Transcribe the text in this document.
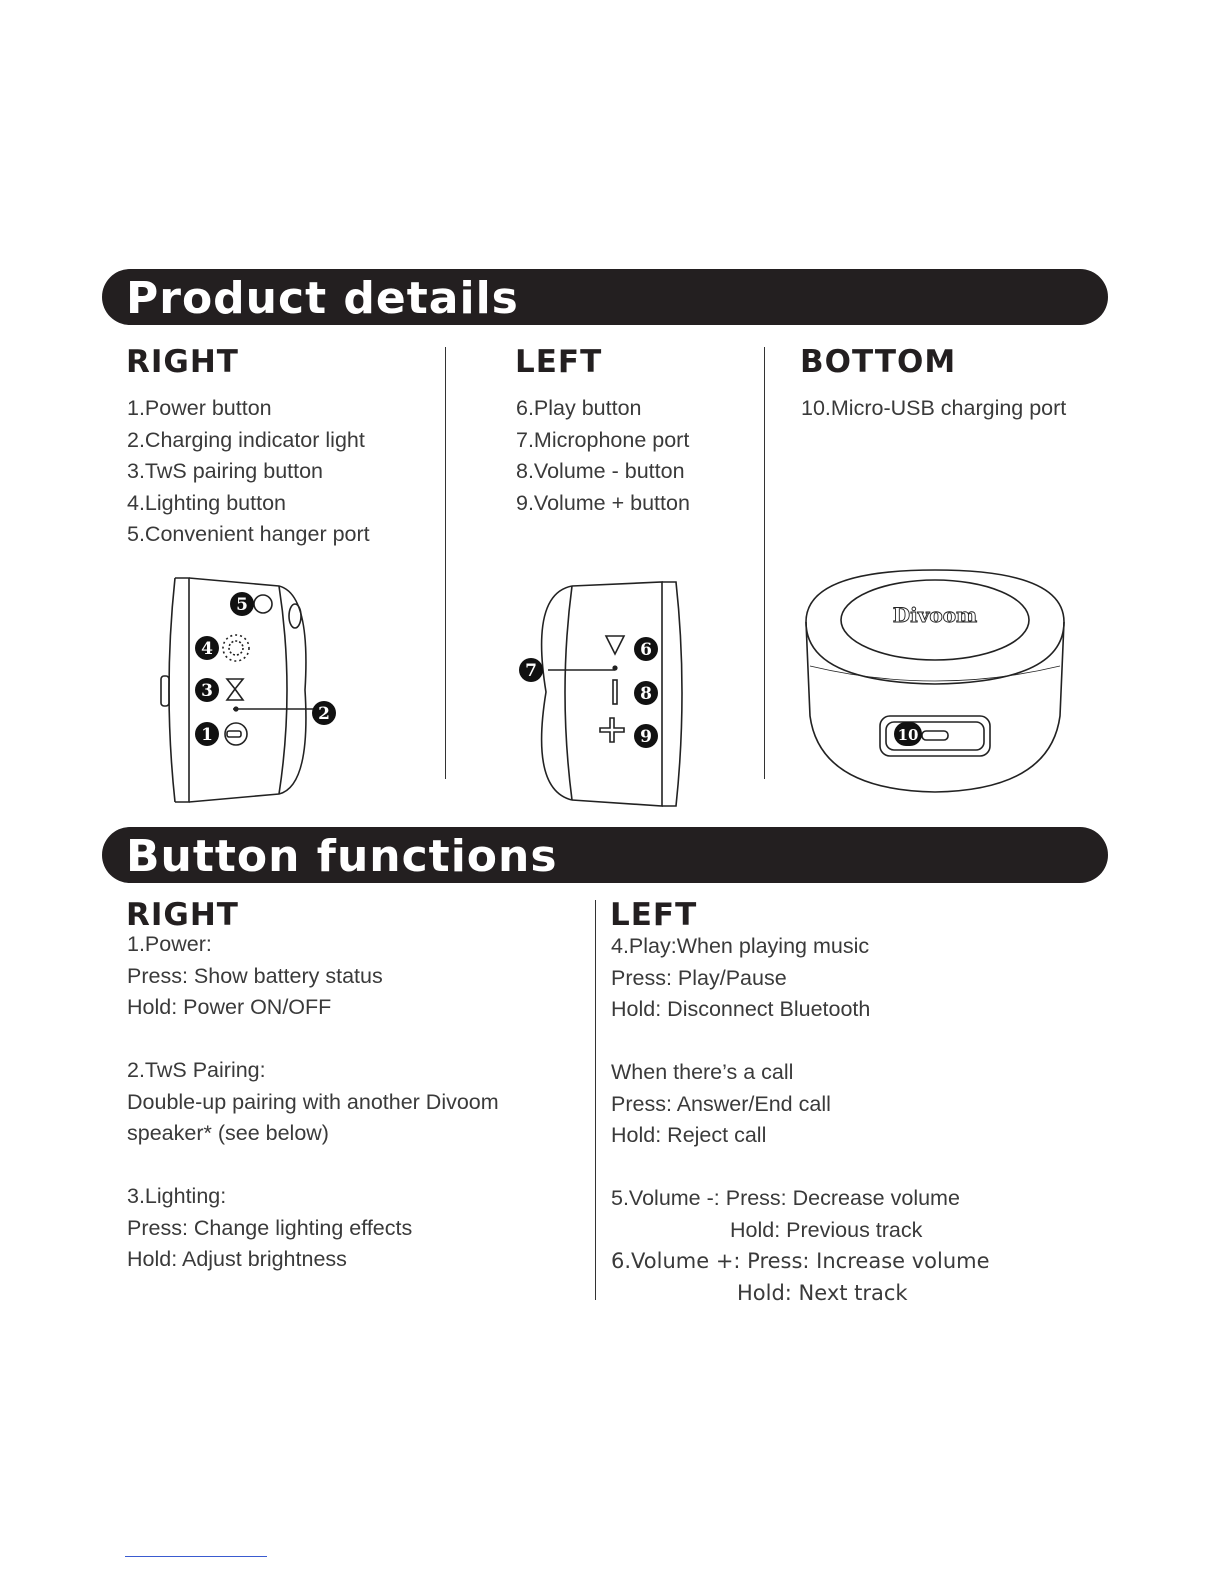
Product details
RIGHT
1.Power button
2.Charging indicator light
3.TwS pairing button
4.Lighting button
5.Convenient hanger port
LEFT
6.Play button
7.Microphone port
8.Volume - button
9.Volume + button
BOTTOM
10.Micro-USB charging port
5
4
3
2
1
6
7
8
9
Divoom
10
Button functions
RIGHT
1.Power:
Press: Show battery status
Hold: Power ON/OFF
2.TwS Pairing:
Double-up pairing with another Divoom
speaker* (see below)
3.Lighting:
Press: Change lighting effects
Hold: Adjust brightness
LEFT
4.Play:When playing music
Press: Play/Pause
Hold: Disconnect Bluetooth
When there’s a call
Press: Answer/End call
Hold: Reject call
5.Volume -: Press: Decrease volume
Hold: Previous track
6.Volume +: Press: Increase volume
Hold: Next track
